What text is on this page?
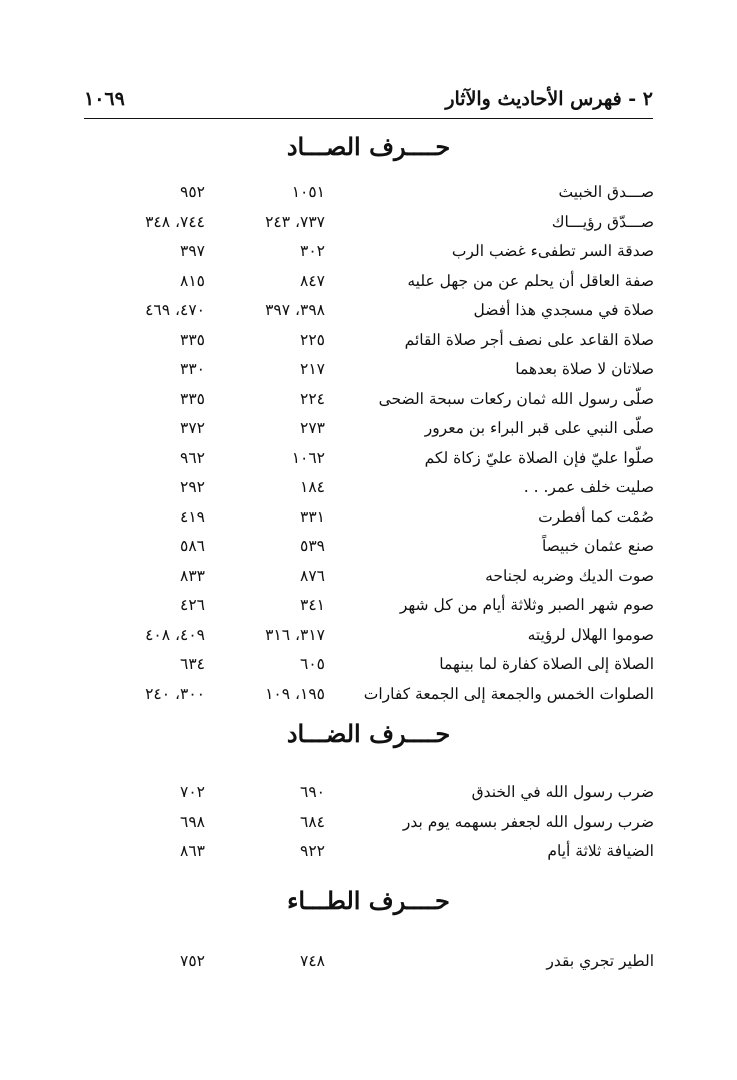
٢ - فهرس الأحاديث والآثار
١٠٦٩
حــــرف الصـــاد
صـــدق الخبيث
١٠٥١
٩٥٢
صـــدّق رؤيـــاك
٧٣٧، ٢٤٣
٧٤٤، ٣٤٨
صدقة السر تطفىء غضب الرب
٣٠٢
٣٩٧
صفة العاقل أن يحلم عن من جهل عليه
٨٤٧
٨١٥
صلاة في مسجدي هذا أفضل
٣٩٨، ٣٩٧
٤٧٠، ٤٦٩
صلاة القاعد على نصف أجر صلاة القائم
٢٢٥
٣٣٥
صلاتان لا صلاة بعدهما
٢١٧
٣٣٠
صلّى رسول الله ثمان ركعات سبحة الضحى
٢٢٤
٣٣٥
صلّى النبي على قبر البراء بن معرور
٢٧٣
٣٧٢
صلّوا عليّ فإن الصلاة عليّ زكاة لكم
١٠٦٢
٩٦٢
صليت خلف عمر. . .
١٨٤
٢٩٢
صُمْت كما أفطرت
٣٣١
٤١٩
صنع عثمان خبيصاً
٥٣٩
٥٨٦
صوت الديك وضربه لجناحه
٨٧٦
٨٣٣
صوم شهر الصبر وثلاثة أيام من كل شهر
٣٤١
٤٢٦
صوموا الهلال لرؤيته
٣١٧، ٣١٦
٤٠٩، ٤٠٨
الصلاة إلى الصلاة كفارة لما بينهما
٦٠٥
٦٣٤
الصلوات الخمس والجمعة إلى الجمعة كفارات
١٩٥، ١٠٩
٣٠٠، ٢٤٠
حــــرف الضـــاد
ضرب رسول الله في الخندق
٦٩٠
٧٠٢
ضرب رسول الله لجعفر بسهمه يوم بدر
٦٨٤
٦٩٨
الضيافة ثلاثة أيام
٩٢٢
٨٦٣
حــــرف الطـــاء
الطير تجري بقدر
٧٤٨
٧٥٢
